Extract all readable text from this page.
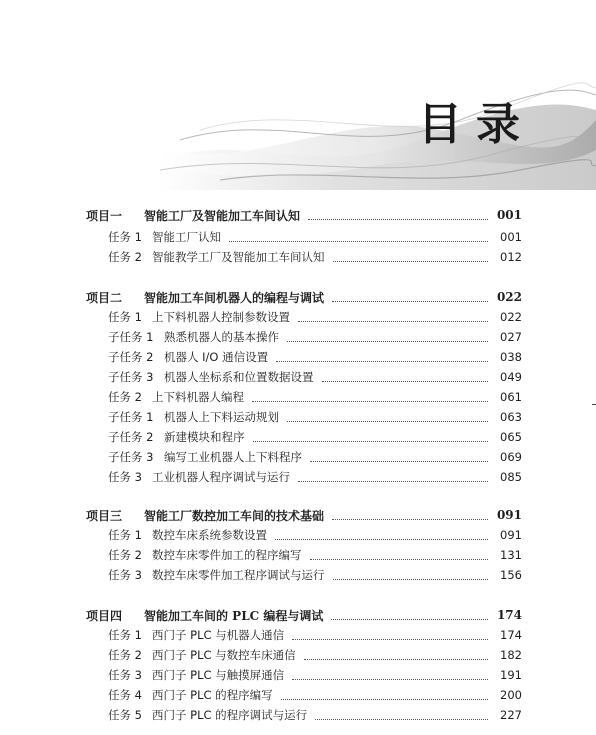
目录
项目一	智能工厂及智能加工车间认知	001
任务 1 智能工厂认知	001
任务 2 智能教学工厂及智能加工车间认知	012
项目二	智能加工车间机器人的编程与调试	022
任务 1 上下料机器人控制参数设置	022
子任务 1 熟悉机器人的基本操作	027
子任务 2 机器人 I/O 通信设置	038
子任务 3 机器人坐标系和位置数据设置	049
任务 2 上下料机器人编程	061
子任务 1 机器人上下料运动规划	063
子任务 2 新建模块和程序	065
子任务 3 编写工业机器人上下料程序	069
任务 3 工业机器人程序调试与运行	085
项目三	智能工厂数控加工车间的技术基础	091
任务 1 数控车床系统参数设置	091
任务 2 数控车床零件加工的程序编写	131
任务 3 数控车床零件加工程序调试与运行	156
项目四	智能加工车间的 PLC 编程与调试	174
任务 1 西门子 PLC 与机器人通信	174
任务 2 西门子 PLC 与数控车床通信	182
任务 3 西门子 PLC 与触摸屏通信	191
任务 4 西门子 PLC 的程序编写	200
任务 5 西门子 PLC 的程序调试与运行	227
